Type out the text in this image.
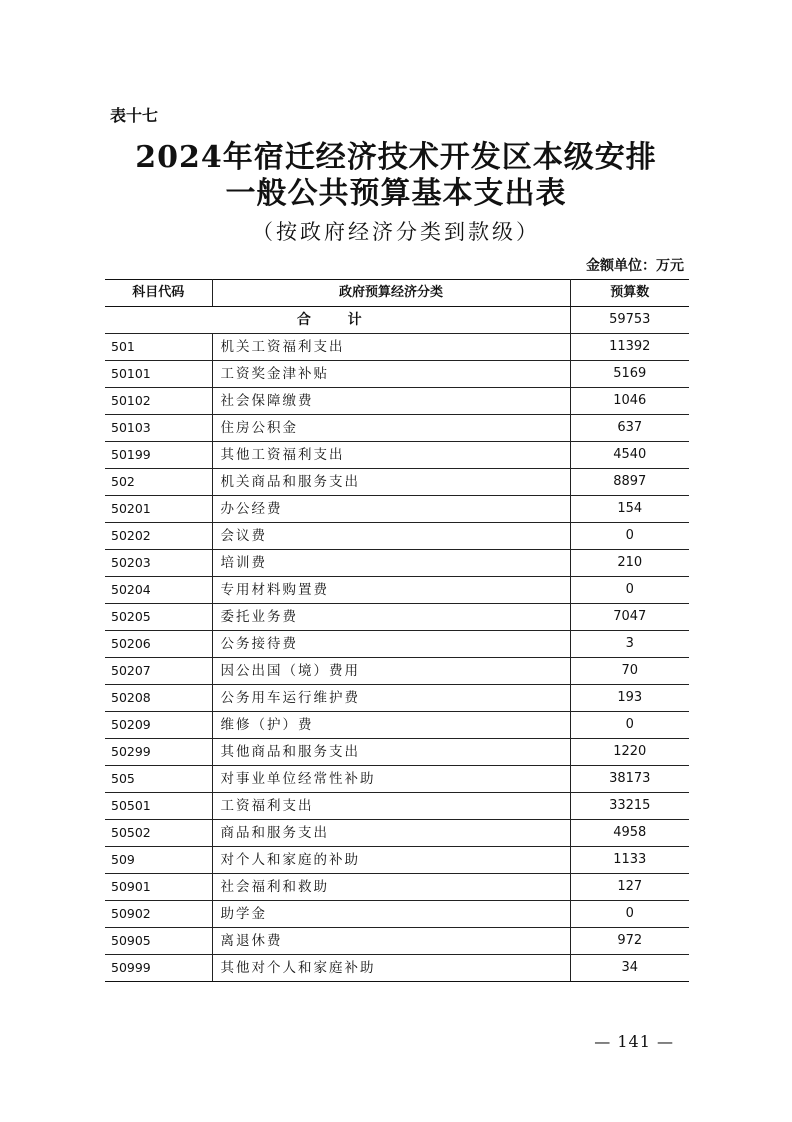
表十七
2024年宿迁经济技术开发区本级安排
一般公共预算基本支出表
（按政府经济分类到款级）
金额单位：万元
科目代码	政府预算经济分类	预算数
合 计		59753
501	机关工资福利支出	11392
50101	工资奖金津补贴	5169
50102	社会保障缴费	1046
50103	住房公积金	637
50199	其他工资福利支出	4540
502	机关商品和服务支出	8897
50201	办公经费	154
50202	会议费	0
50203	培训费	210
50204	专用材料购置费	0
50205	委托业务费	7047
50206	公务接待费	3
50207	因公出国（境）费用	70
50208	公务用车运行维护费	193
50209	维修（护）费	0
50299	其他商品和服务支出	1220
505	对事业单位经常性补助	38173
50501	工资福利支出	33215
50502	商品和服务支出	4958
509	对个人和家庭的补助	1133
50901	社会福利和救助	127
50902	助学金	0
50905	离退休费	972
50999	其他对个人和家庭补助	34
— 141 —
